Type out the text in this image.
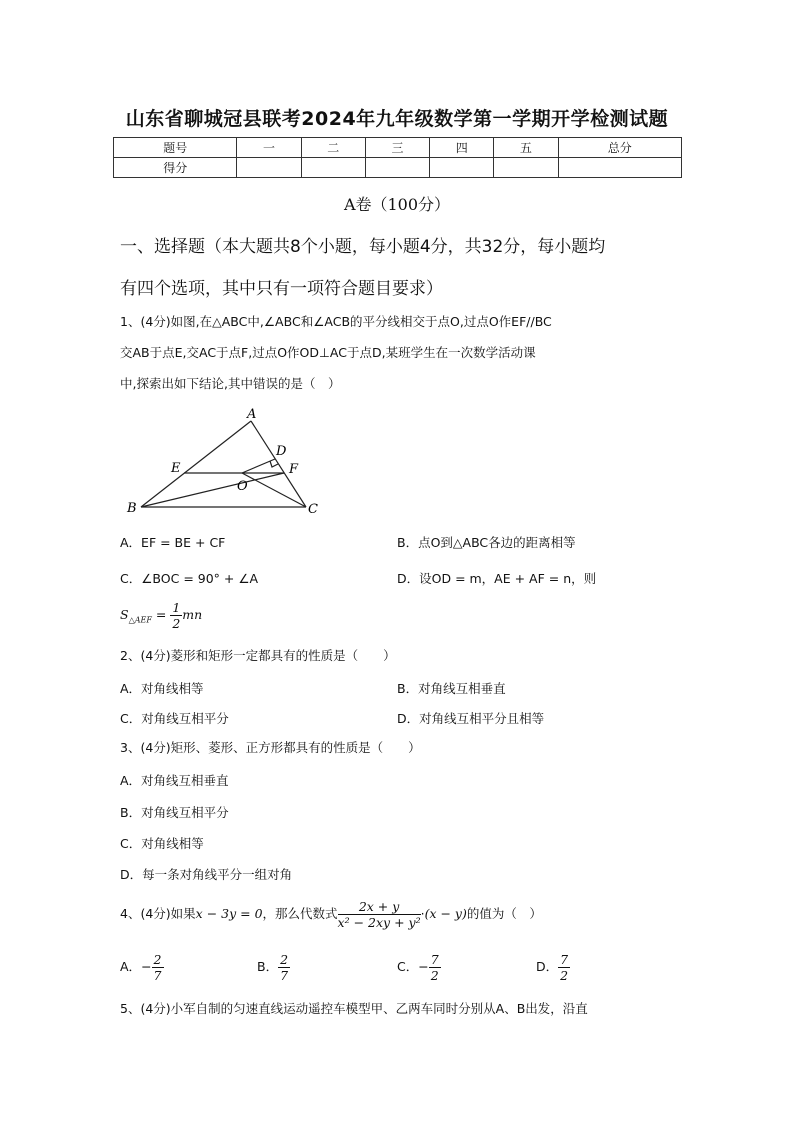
山东省聊城冠县联考2024年九年级数学第一学期开学检测试题
题号	一	二	三	四	五	总分
得分						
A卷（100分）
一、选择题（本大题共8个小题，每小题4分，共32分，每小题均
有四个选项，其中只有一项符合题目要求）
1、(4分)如图,在△ABC中,∠ABC和∠ACB的平分线相交于点O,过点O作EF//BC
交AB于点E,交AC于点F,过点O作OD⊥AC于点D,某班学生在一次数学活动课
中,探索出如下结论,其中错误的是（　）
A
B	C
D
E	F
O
A．EF = BE + CF	B．点O到△ABC各边的距离相等
C．∠BOC = 90° + ∠A	D．设OD = m，AE + AF = n，则
$S_{\triangle AEF} = \frac{1}{2}$ mn
2、(4分)菱形和矩形一定都具有的性质是（　　）
A．对角线相等	B．对角线互相垂直
C．对角线互相平分	D．对角线互相平分且相等
3、(4分)矩形、菱形、正方形都具有的性质是（　　）
A．对角线互相垂直
B．对角线互相平分
C．对角线相等
D．每一条对角线平分一组对角
4、(4分)如果x − 3y = 0，那么代数式 $\frac{2x + y}{\text{x² − 2xy + y²}} \cdot(x - y)$的值为（　）
A．− $\frac{2}{7}$	B． $\frac{2}{7}$	C．− $\frac{7}{2}$	D． $\frac{7}{2}$
5、(4分)小军自制的匀速直线运动遥控车模型甲、乙两车同时分别从A、B出发，沿直
